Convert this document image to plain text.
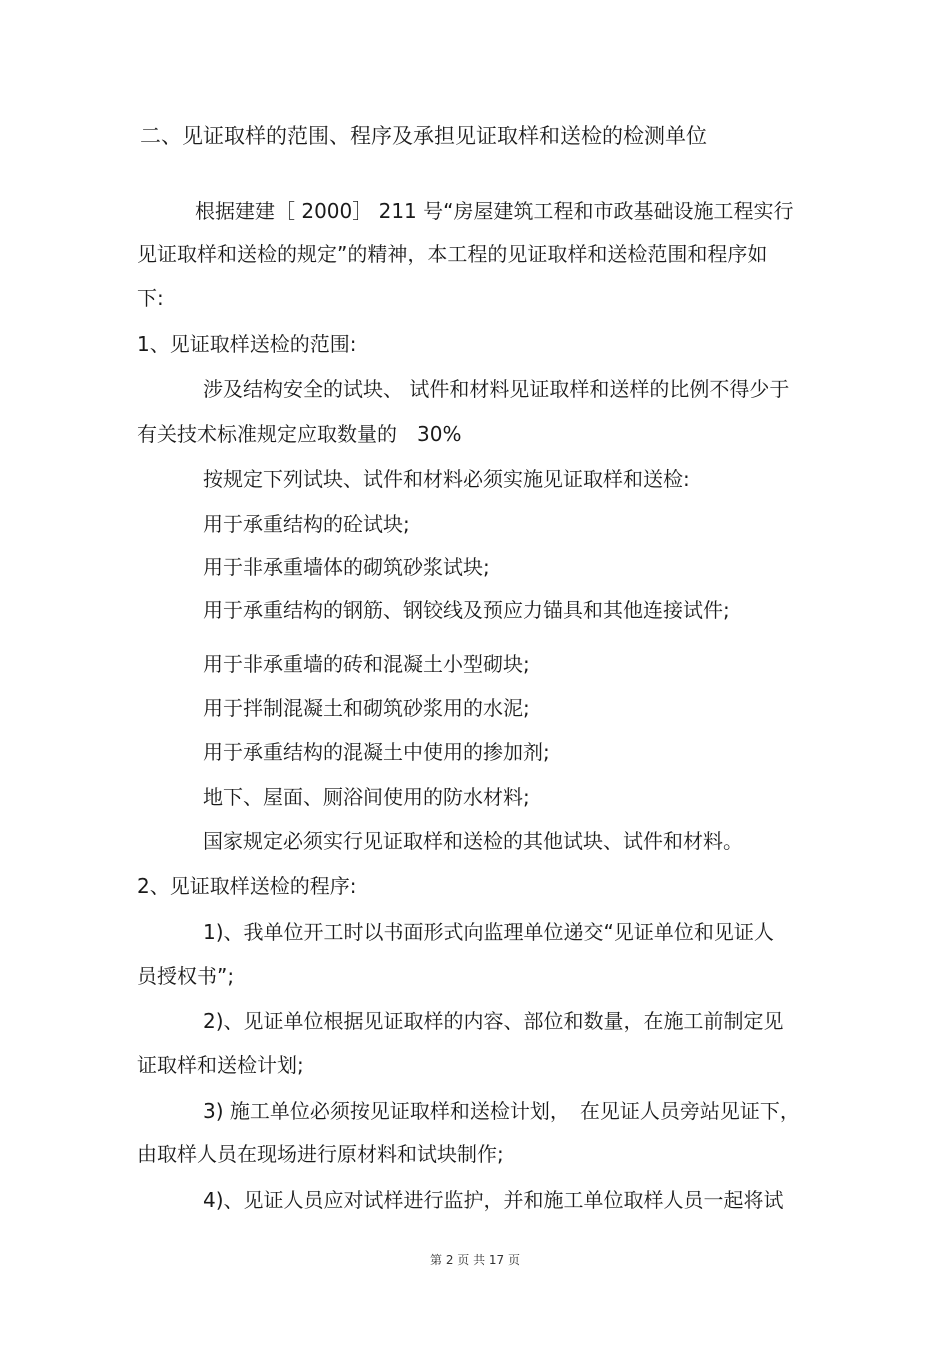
二、见证取样的范围、程序及承担见证取样和送检的检测单位
根据建建［ 2000］ 211 号“房屋建筑工程和市政基础设施工程实行
见证取样和送检的规定”的精神，本工程的见证取样和送检范围和程序如
下:
1、见证取样送检的范围:
涉及结构安全的试块、 试件和材料见证取样和送样的比例不得少于
有关技术标准规定应取数量的　30%
按规定下列试块、试件和材料必须实施见证取样和送检:
用于承重结构的砼试块;
用于非承重墙体的砌筑砂浆试块;
用于承重结构的钢筋、钢铰线及预应力锚具和其他连接试件;
用于非承重墙的砖和混凝土小型砌块;
用于拌制混凝土和砌筑砂浆用的水泥;
用于承重结构的混凝土中使用的掺加剂;
地下、屋面、厕浴间使用的防水材料;
国家规定必须实行见证取样和送检的其他试块、试件和材料。
2、见证取样送检的程序:
1)、我单位开工时以书面形式向监理单位递交“见证单位和见证人
员授权书”;
2)、见证单位根据见证取样的内容、部位和数量，在施工前制定见
证取样和送检计划;
3) 施工单位必须按见证取样和送检计划，　在见证人员旁站见证下，
由取样人员在现场进行原材料和试块制作;
4)、见证人员应对试样进行监护，并和施工单位取样人员一起将试
第 2 页 共 17 页
